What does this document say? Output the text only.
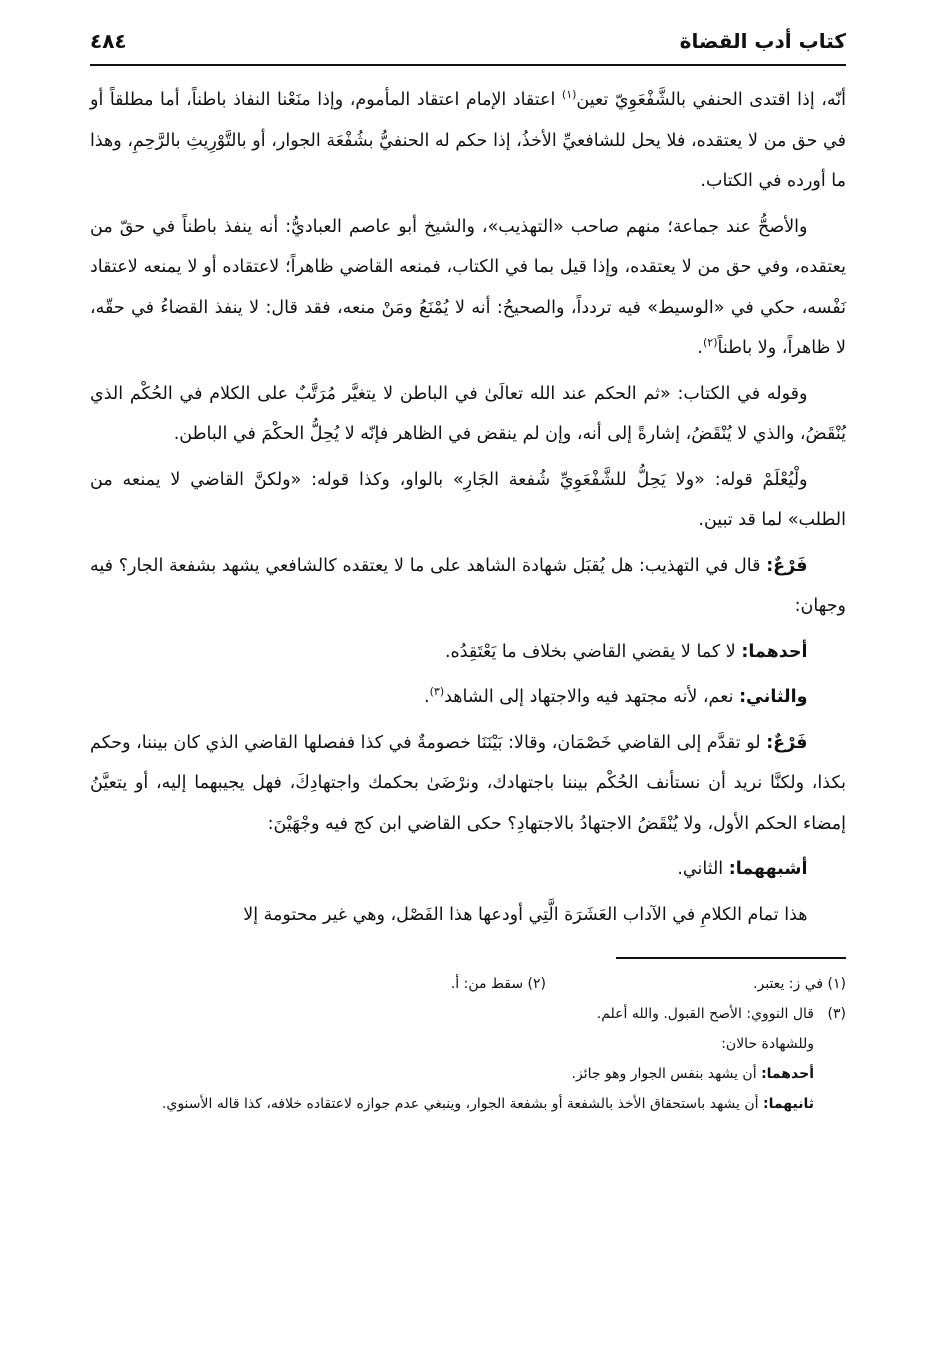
كتاب أدب القضاة
٤٨٤

أنّه، إذا اقتدى الحنفي بالشَّفْعَوِيّ تعين$^{(١)}$ اعتقاد الإمام اعتقاد المأموم، وإذا منَعْنا النفاذ باطناً، أما مطلقاً أو في حق من لا يعتقده، فلا يحل للشافعيِّ الأخذُ، إذا حكم له الحنفيُّ بشُفْعَة الجوار، أو بالتَّوْرِيثِ بالرَّحِمِ، وهذا ما أورده في الكتاب.

والأصحُّ عند جماعة؛ منهم صاحب «التهذيب»، والشيخ أبو عاصم العباديُّ: أنه ينفذ باطناً في حقّ من يعتقده، وفي حق من لا يعتقده، وإذا قيل بما في الكتاب، فمنعه القاضي ظاهراً؛ لاعتقاده أو لا يمنعه لاعتقاد نَفْسه، حكي في «الوسيط» فيه تردداً، والصحيحُ: أنه لا يُمْنَعُ ومَنْ منعه، فقد قال: لا ينفذ القضاءُ في حقّه، لا ظاهراً، ولا باطناً$^{(٢)}$.

وقوله في الكتاب: «ثم الحكم عند الله تعالَىٰ في الباطن لا يتغيَّر مُرَتَّبٌ على الكلام في الحُكْم الذي يُنْقَضُ، والذي لا يُنْقَضُ، إشارةً إلى أنه، وإن لم ينقض في الظاهر فإنّه لا يُحِلُّ الحكْمَ في الباطن.

ولْيُعْلَمْ قوله: «ولا يَحِلُّ للشَّفْعَوِيِّ شُفعة الجَارِ» بالواو، وكذا قوله: «ولكنَّ القاضي لا يمنعه من الطلب» لما قد تبين.

فَرْعٌ: قال في التهذيب: هل يُقبَل شهادة الشاهد على ما لا يعتقده كالشافعي يشهد بشفعة الجار؟ فيه وجهان:

أحدهما: لا كما لا يقضي القاضي بخلاف ما يَعْتَقِدُه.

والثاني: نعم، لأنه مجتهد فيه والاجتهاد إلى الشاهد$^{(٣)}$.

فَرْعٌ: لو تقدَّم إلى القاضي خَصْمَان، وقالا: بَيْنَنَا خصومةٌ في كذا ففصلها القاضي الذي كان بيننا، وحكم بكذا، ولكنَّا نريد أن نستأنف الحُكْم بيننا باجتهادك، ونرْضَىٰ بحكمك واجتهادِكَ، فهل يجيبهما إليه، أو يتعيَّنُ إمضاء الحكم الأول، ولا يُنْقَضُ الاجتهادُ بالاجتهادِ؟ حكى القاضي ابن كج فيه وجْهَيْنَ:

أشبههما: الثاني.

هذا تمام الكلامِ في الآداب العَشَرَة الَّتِي أودعها هذا الفَصْل، وهي غير محتومة إلا

(١) في ز: يعتبر.
(٢) سقط من: أ.
(٣)قال النووي: الأصح القبول. والله أعلم.
وللشهادة حالان:
أحدهما: أن يشهد بنفس الجوار وهو جائز.
ثانيهما: أن يشهد باستحقاق الأخذ بالشفعة أو بشفعة الجوار، وينبغي عدم جوازه لاعتقاده خلافه، كذا قاله الأسنوي.
